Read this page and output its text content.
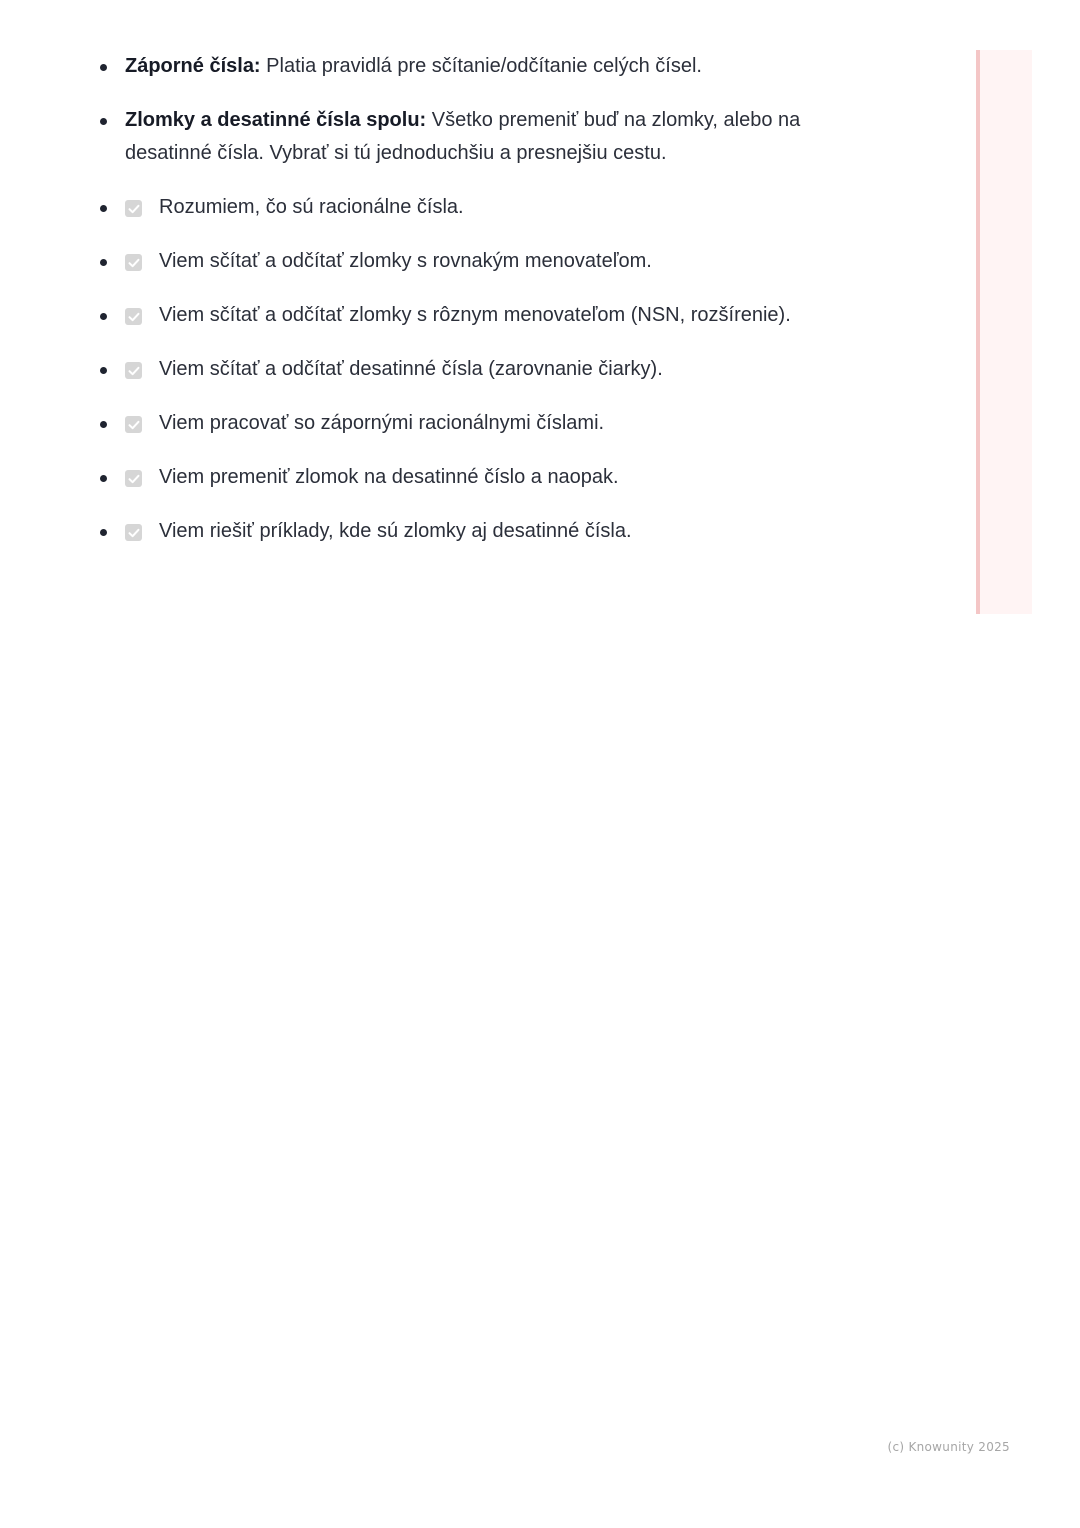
Záporné čísla: Platia pravidlá pre sčítanie/odčítanie celých čísel.
Zlomky a desatinné čísla spolu: Všetko premeniť buď na zlomky, alebo na desatinné čísla. Vybrať si tú jednoduchšiu a presnejšiu cestu.
Rozumiem, čo sú racionálne čísla.
Viem sčítať a odčítať zlomky s rovnakým menovateľom.
Viem sčítať a odčítať zlomky s rôznym menovateľom (NSN, rozšírenie).
Viem sčítať a odčítať desatinné čísla (zarovnanie čiarky).
Viem pracovať so zápornými racionálnymi číslami.
Viem premeniť zlomok na desatinné číslo a naopak.
Viem riešiť príklady, kde sú zlomky aj desatinné čísla.
(c) Knowunity 2025
